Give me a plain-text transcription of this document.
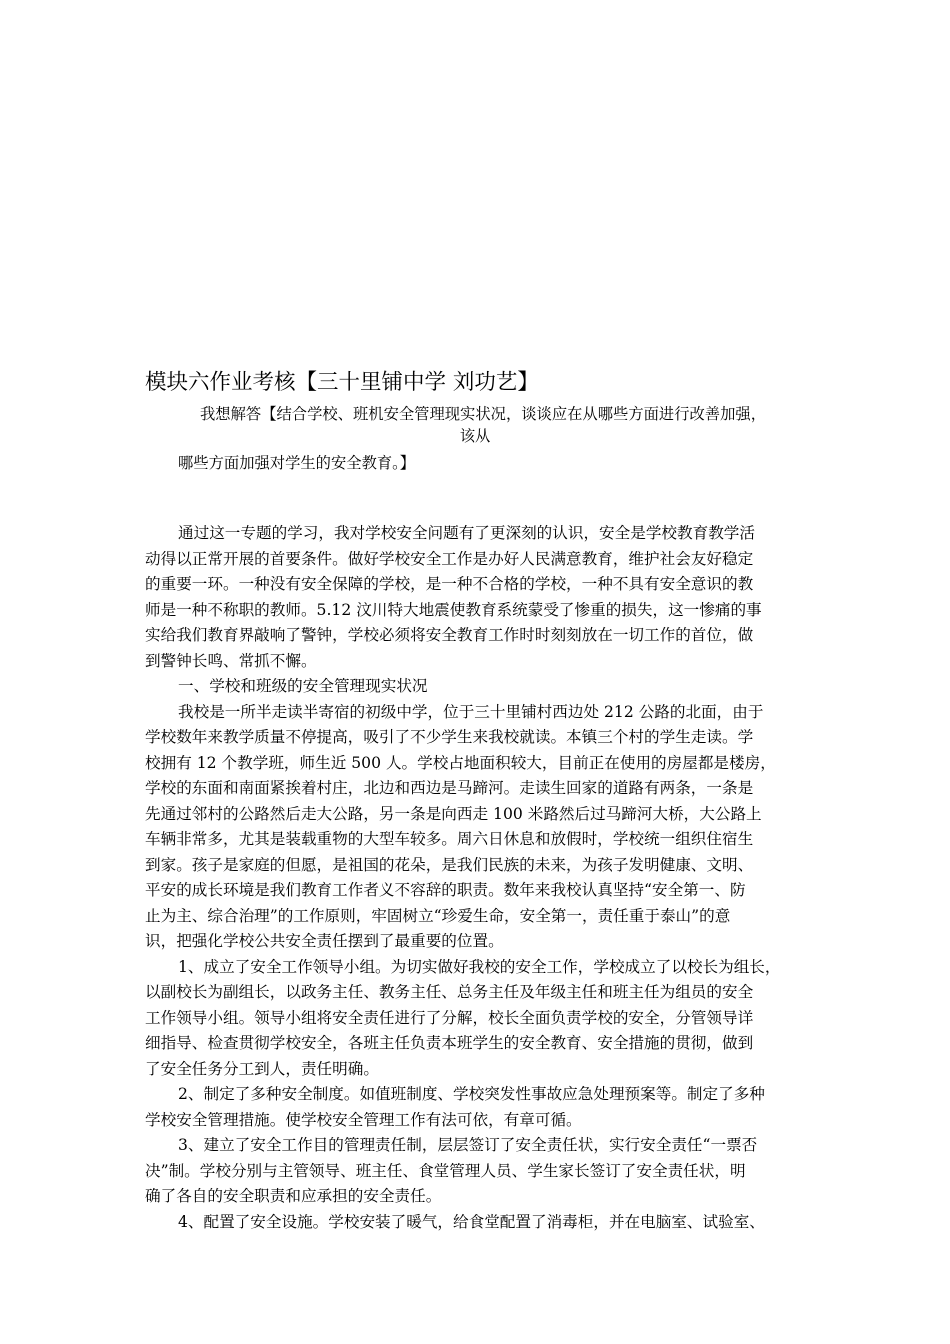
模块六作业考核【三十里铺中学 刘功艺】
我想解答【结合学校、班机安全管理现实状况，谈谈应在从哪些方面进行改善加强，
该从
哪些方面加强对学生的安全教育。】
通过这一专题的学习，我对学校安全问题有了更深刻的认识，安全是学校教育教学活
动得以正常开展的首要条件。做好学校安全工作是办好人民满意教育，维护社会友好稳定
的重要一环。一种没有安全保障的学校，是一种不合格的学校，一种不具有安全意识的教
师是一种不称职的教师。5.12 汶川特大地震使教育系统蒙受了惨重的损失，这一惨痛的事
实给我们教育界敲响了警钟，学校必须将安全教育工作时时刻刻放在一切工作的首位，做
到警钟长鸣、常抓不懈。
一、学校和班级的安全管理现实状况
我校是一所半走读半寄宿的初级中学，位于三十里铺村西边处 212 公路的北面，由于
学校数年来教学质量不停提高，吸引了不少学生来我校就读。本镇三个村的学生走读。学
校拥有 12 个教学班，师生近 500 人。学校占地面积较大，目前正在使用的房屋都是楼房，
学校的东面和南面紧挨着村庄，北边和西边是马蹄河。走读生回家的道路有两条，一条是
先通过邻村的公路然后走大公路，另一条是向西走 100 米路然后过马蹄河大桥，大公路上
车辆非常多，尤其是装载重物的大型车较多。周六日休息和放假时，学校统一组织住宿生
到家。孩子是家庭的但愿，是祖国的花朵，是我们民族的未来，为孩子发明健康、文明、
平安的成长环境是我们教育工作者义不容辞的职责。数年来我校认真坚持“安全第一、防
止为主、综合治理”的工作原则，牢固树立“珍爱生命，安全第一，责任重于泰山”的意
识，把强化学校公共安全责任摆到了最重要的位置。
1、成立了安全工作领导小组。为切实做好我校的安全工作，学校成立了以校长为组长，
以副校长为副组长，以政务主任、教务主任、总务主任及年级主任和班主任为组员的安全
工作领导小组。领导小组将安全责任进行了分解，校长全面负责学校的安全，分管领导详
细指导、检查贯彻学校安全，各班主任负责本班学生的安全教育、安全措施的贯彻，做到
了安全任务分工到人，责任明确。
2、制定了多种安全制度。如值班制度、学校突发性事故应急处理预案等。制定了多种
学校安全管理措施。使学校安全管理工作有法可依，有章可循。
3、建立了安全工作目的管理责任制，层层签订了安全责任状，实行安全责任“一票否
决”制。学校分别与主管领导、班主任、食堂管理人员、学生家长签订了安全责任状，明
确了各自的安全职责和应承担的安全责任。
4、配置了安全设施。学校安装了暖气，给食堂配置了消毒柜，并在电脑室、试验室、
